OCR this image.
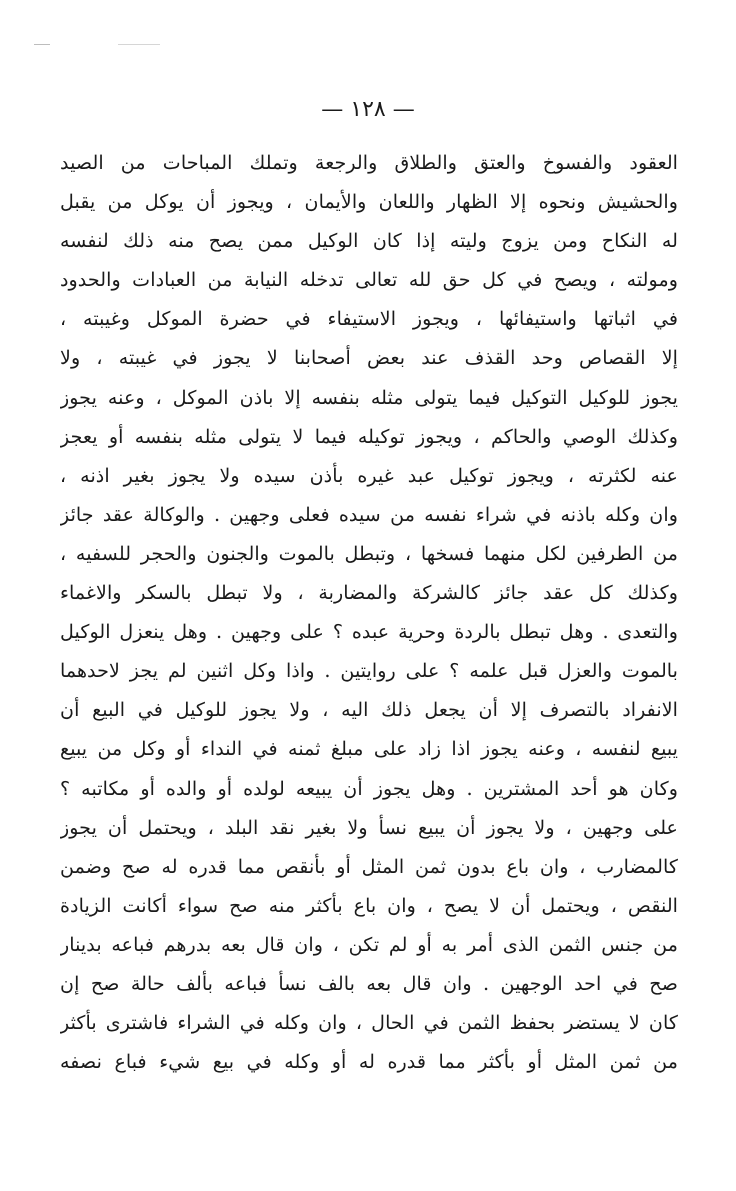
— ١٢٨ —
العقود والفسوخ والعتق والطلاق والرجعة وتملك المباحات من الصيد
والحشيش ونحوه إلا الظهار واللعان والأيمان ، ويجوز أن يوكل من يقبل
له النكاح ومن يزوج وليته إذا كان الوكيل ممن يصح منه ذلك لنفسه
ومولته ، ويصح في كل حق لله تعالى تدخله النيابة من العبادات والحدود
في اثباتها واستيفائها ، ويجوز الاستيفاء في حضرة الموكل وغيبته ،
إلا القصاص وحد القذف عند بعض أصحابنا لا يجوز في غيبته ، ولا
يجوز للوكيل التوكيل فيما يتولى مثله بنفسه إلا باذن الموكل ، وعنه يجوز
وكذلك الوصي والحاكم ، ويجوز توكيله فيما لا يتولى مثله بنفسه أو يعجز
عنه لكثرته ، ويجوز توكيل عبد غيره بأذن سيده ولا يجوز بغير اذنه ،
وان وكله باذنه في شراء نفسه من سيده فعلى وجهين . والوكالة عقد جائز
من الطرفين لكل منهما فسخها ، وتبطل بالموت والجنون والحجر للسفيه ،
وكذلك كل عقد جائز كالشركة والمضاربة ، ولا تبطل بالسكر والاغماء
والتعدى . وهل تبطل بالردة وحرية عبده ؟ على وجهين . وهل ينعزل الوكيل
بالموت والعزل قبل علمه ؟ على روايتين . واذا وكل اثنين لم يجز لاحدهما
الانفراد بالتصرف إلا أن يجعل ذلك اليه ، ولا يجوز للوكيل في البيع أن
يبيع لنفسه ، وعنه يجوز اذا زاد على مبلغ ثمنه في النداء أو وكل من يبيع
وكان هو أحد المشترين . وهل يجوز أن يبيعه لولده أو والده أو مكاتبه ؟
على وجهين ، ولا يجوز أن يبيع نسأ ولا بغير نقد البلد ، ويحتمل أن يجوز
كالمضارب ، وان باع بدون ثمن المثل أو بأنقص مما قدره له صح وضمن
النقص ، ويحتمل أن لا يصح ، وان باع بأكثر منه صح سواء أكانت الزيادة
من جنس الثمن الذى أمر به أو لم تكن ، وان قال بعه بدرهم فباعه بدينار
صح في احد الوجهين . وان قال بعه بالف نسأ فباعه بألف حالة صح إن
كان لا يستضر بحفظ الثمن في الحال ، وان وكله في الشراء فاشترى بأكثر
من ثمن المثل أو بأكثر مما قدره له أو وكله في بيع شيء فباع نصفه
